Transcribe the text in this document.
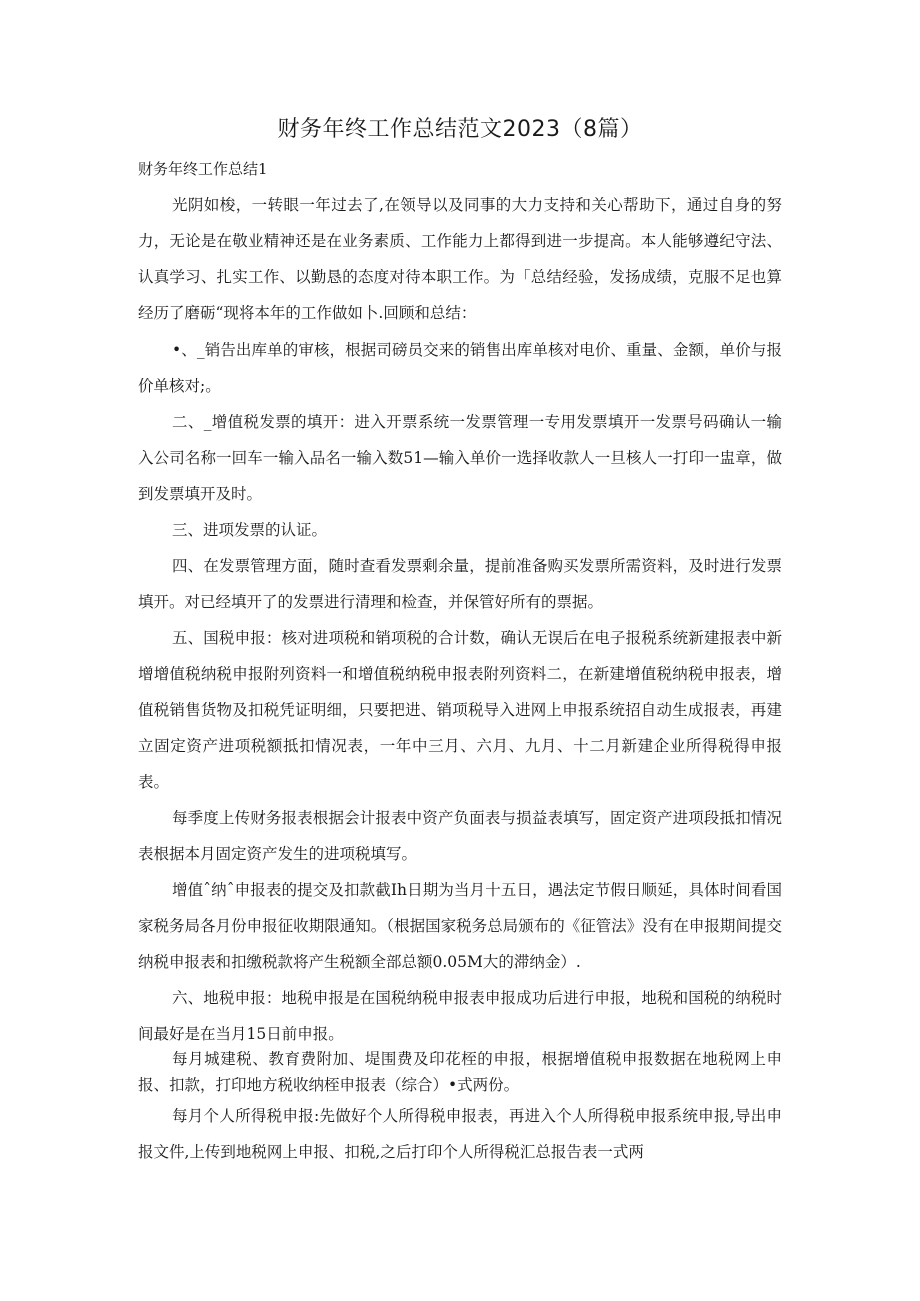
财务年终工作总结范文2023（8篇）

财务年终工作总结1

光阴如梭，一转眼一年过去了,在领导以及同事的大力支持和关心帮助下，通过自身的努力，无论是在敬业精神还是在业务素质、工作能力上都得到进一步提高。本人能够遵纪守法、认真学习、扎实工作、以勤恳的态度对待本职工作。为「总结经验，发扬成绩，克服不足也算经历了磨砺“现将本年的工作做如卜.回顾和总结：

•、_销告出库单的审核，根据司磅员交来的销售出库单核对电价、重量、金额，单价与报价单核对;。

二、_增值税发票的填开：进入开票系统一发票管理一专用发票填开一发票号码确认一输入公司名称一回车一输入品名一输入数51—输入单价一选择收款人一旦核人一打印一盅章，做到发票填开及时。

三、进项发票的认证。

四、在发票管理方面，随时查看发票剩余量，提前准备购买发票所需资料，及时进行发票填开。对已经填开了的发票进行清理和检查，并保管好所有的票据。

五、国税申报：核对进项税和销项税的合计数，确认无误后在电子报税系统新建报表中新增增值税纳税申报附列资料一和增值税纳税申报表附列资料二，在新建增值税纳税申报表，增值税销售货物及扣税凭证明细，只要把进、销项税导入进网上申报系统招自动生成报表，再建立固定资产进项税额抵扣情况表，一年中三月、六月、九月、十二月新建企业所得税得申报表。

每季度上传财务报表根据会计报表中资产负面表与损益表填写，固定资产进项段抵扣情况表根据本月固定资产发生的进项税填写。

增值ˆ纳ˆ申报表的提交及扣款截Ih日期为当月十五日，遇法定节假日顺延，具体时间看国家税务局各月份申报征收期限通知。（根据国家税务总局颁布的《征管法》没有在申报期间提交纳税申报表和扣缴税款将产生税额全部总额0.05M大的滞纳金）.

六、地税申报：地税申报是在国税纳税申报表申报成功后进行申报，地税和国税的纳税时间最好是在当月15日前申报。

每月城建税、教育费附加、堤围费及印花桎的申报，根据增值税申报数据在地税网上申报、扣款，打印地方税收纳桎申报表（综合）•式两份。

每月个人所得税申报:先做好个人所得税申报表，再进入个人所得税申报系统申报,导出申报文件,上传到地税网上申报、扣税,之后打印个人所得税汇总报告表一式两
